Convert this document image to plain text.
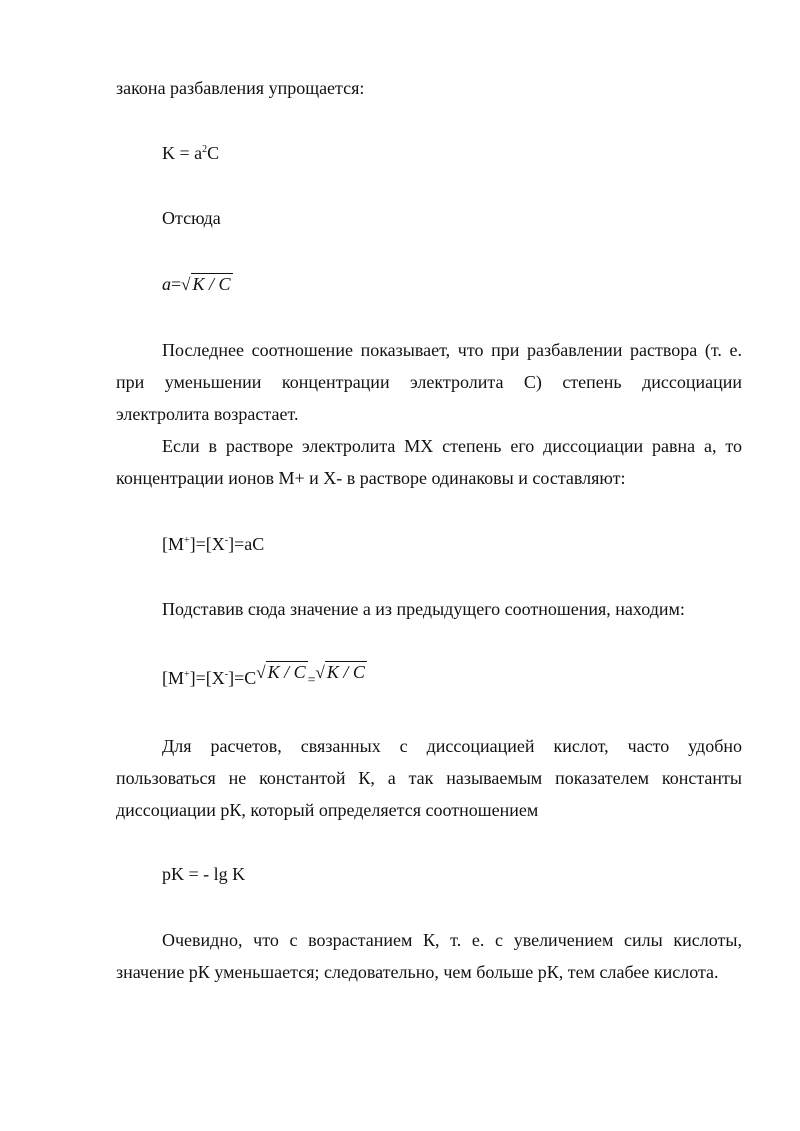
закона разбавления упрощается:
$K = a^2C$
Отсюда
a=√ K / C
Последнее соотношение показывает, что при разбавлении раствора (т. е. при уменьшении концентрации электролита С) степень диссоциации электролита возрастает.
Если в растворе электролита МХ степень его диссоциации равна а, то концентрации ионов М+ и Х- в растворе одинаковы и составляют:
[M+]=[X-]=aC
Подставив сюда значение а из предыдущего соотношения, находим:
[M+]=[X-]=C√ K / C =√ K / C
Для расчетов, связанных с диссоциацией кислот, часто удобно пользоваться не константой К, а так называемым показателем константы диссоциации рК, который определяется соотношением
pK = - lg K
Очевидно, что с возрастанием К, т. е. с увеличением силы кислоты, значение рК уменьшается; следовательно, чем больше рК, тем слабее кислота.
